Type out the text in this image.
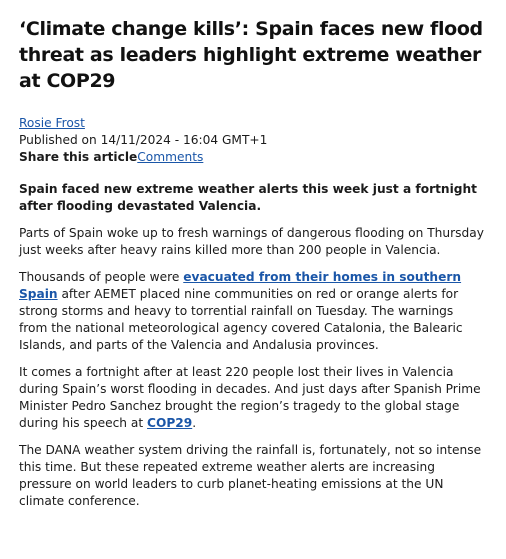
‘Climate change kills’: Spain faces new flood threat as leaders highlight extreme weather at COP29
Rosie Frost
Published on 14/11/2024 - 16:04 GMT+1
Share this articleComments

Spain faced new extreme weather alerts this week just a fortnight after flooding devastated Valencia.

Parts of Spain woke up to fresh warnings of dangerous flooding on Thursday just weeks after heavy rains killed more than 200 people in Valencia.

Thousands of people were evacuated from their homes in southern Spain after AEMET placed nine communities on red or orange alerts for strong storms and heavy to torrential rainfall on Tuesday. The warnings from the national meteorological agency covered Catalonia, the Balearic Islands, and parts of the Valencia and Andalusia provinces.

It comes a fortnight after at least 220 people lost their lives in Valencia during Spain’s worst flooding in decades. And just days after Spanish Prime Minister Pedro Sanchez brought the region’s tragedy to the global stage during his speech at COP29.

The DANA weather system driving the rainfall is, fortunately, not so intense this time. But these repeated extreme weather alerts are increasing pressure on world leaders to curb planet-heating emissions at the UN climate conference.
